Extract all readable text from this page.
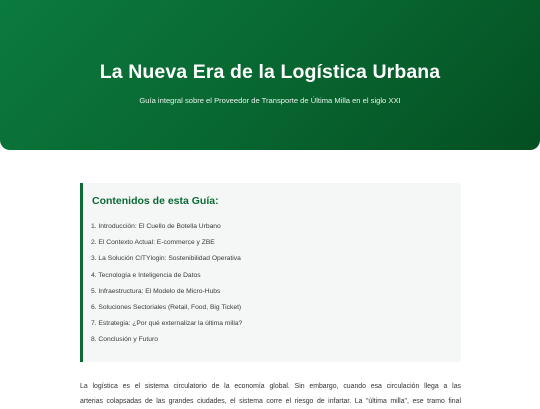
La Nueva Era de la Logística Urbana

Guía integral sobre el Proveedor de Transporte de Última Milla en el siglo XXI

Contenidos de esta Guía:
1. Introducción: El Cuello de Botella Urbano
2. El Contexto Actual: E-commerce y ZBE
3. La Solución CITYlogin: Sostenibilidad Operativa
4. Tecnología e Inteligencia de Datos
5. Infraestructura: El Modelo de Micro-Hubs
6. Soluciones Sectoriales (Retail, Food, Big Ticket)
7. Estrategia: ¿Por qué externalizar la última milla?
8. Conclusión y Futuro
La logística es el sistema circulatorio de la economía global. Sin embargo, cuando esa circulación llega a las
arterias colapsadas de las grandes ciudades, el sistema corre el riesgo de infartar. La "última milla", ese tramo final
